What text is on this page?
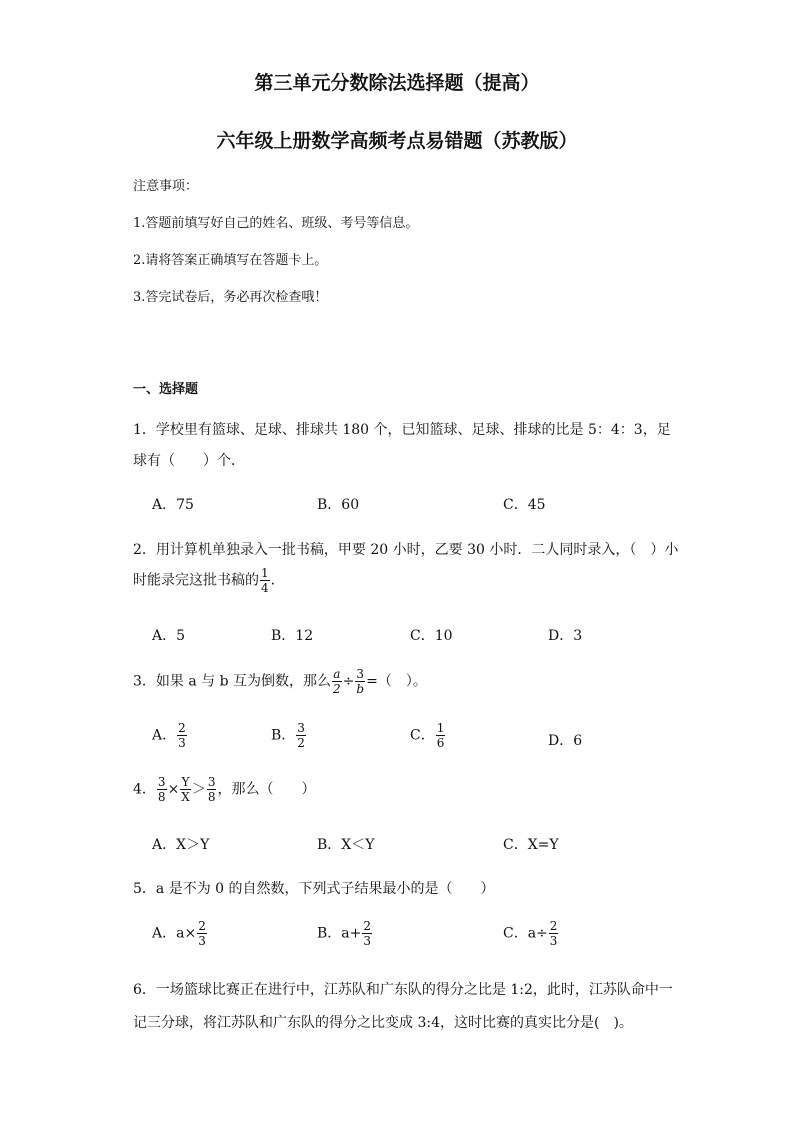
第三单元分数除法选择题（提高）
六年级上册数学高频考点易错题（苏教版）
注意事项：
1.答题前填写好自己的姓名、班级、考号等信息。
2.请将答案正确填写在答题卡上。
3.答完试卷后，务必再次检查哦！
一、选择题
1．学校里有篮球、足球、排球共 180 个，已知篮球、足球、排球的比是 5：4：3，足
球有（　　）个．
A．75	B．60	C．45
2．用计算机单独录入一批书稿，甲要 20 小时，乙要 30 小时．二人同时录入，（　）小
时能录完这批书稿的 $\frac{1}{4}$ ．
A．5	B．12	C．10	D．3
3．如果 a 与 b 互为倒数，那么 $\frac{a}{2} \div \frac{3}{b}$ =（　）。
A． $\frac{2}{3}$	B． $\frac{3}{2}$	C． $\frac{1}{6}$	D．6
4． $\frac{3}{8} \times \frac{Y}{X} > \frac{3}{8}$ ，那么（　　）
A．X＞Y	B．X＜Y	C．X=Y
5．a 是不为 0 的自然数，下列式子结果最小的是（　　）
A．$a\times \frac{2}{3}$	B．$a+ \frac{2}{3}$	C．$a\div \frac{2}{3}$
6．一场篮球比赛正在进行中，江苏队和广东队的得分之比是 1:2，此时，江苏队命中一
记三分球，将江苏队和广东队的得分之比变成 3:4，这时比赛的真实比分是(　)。
